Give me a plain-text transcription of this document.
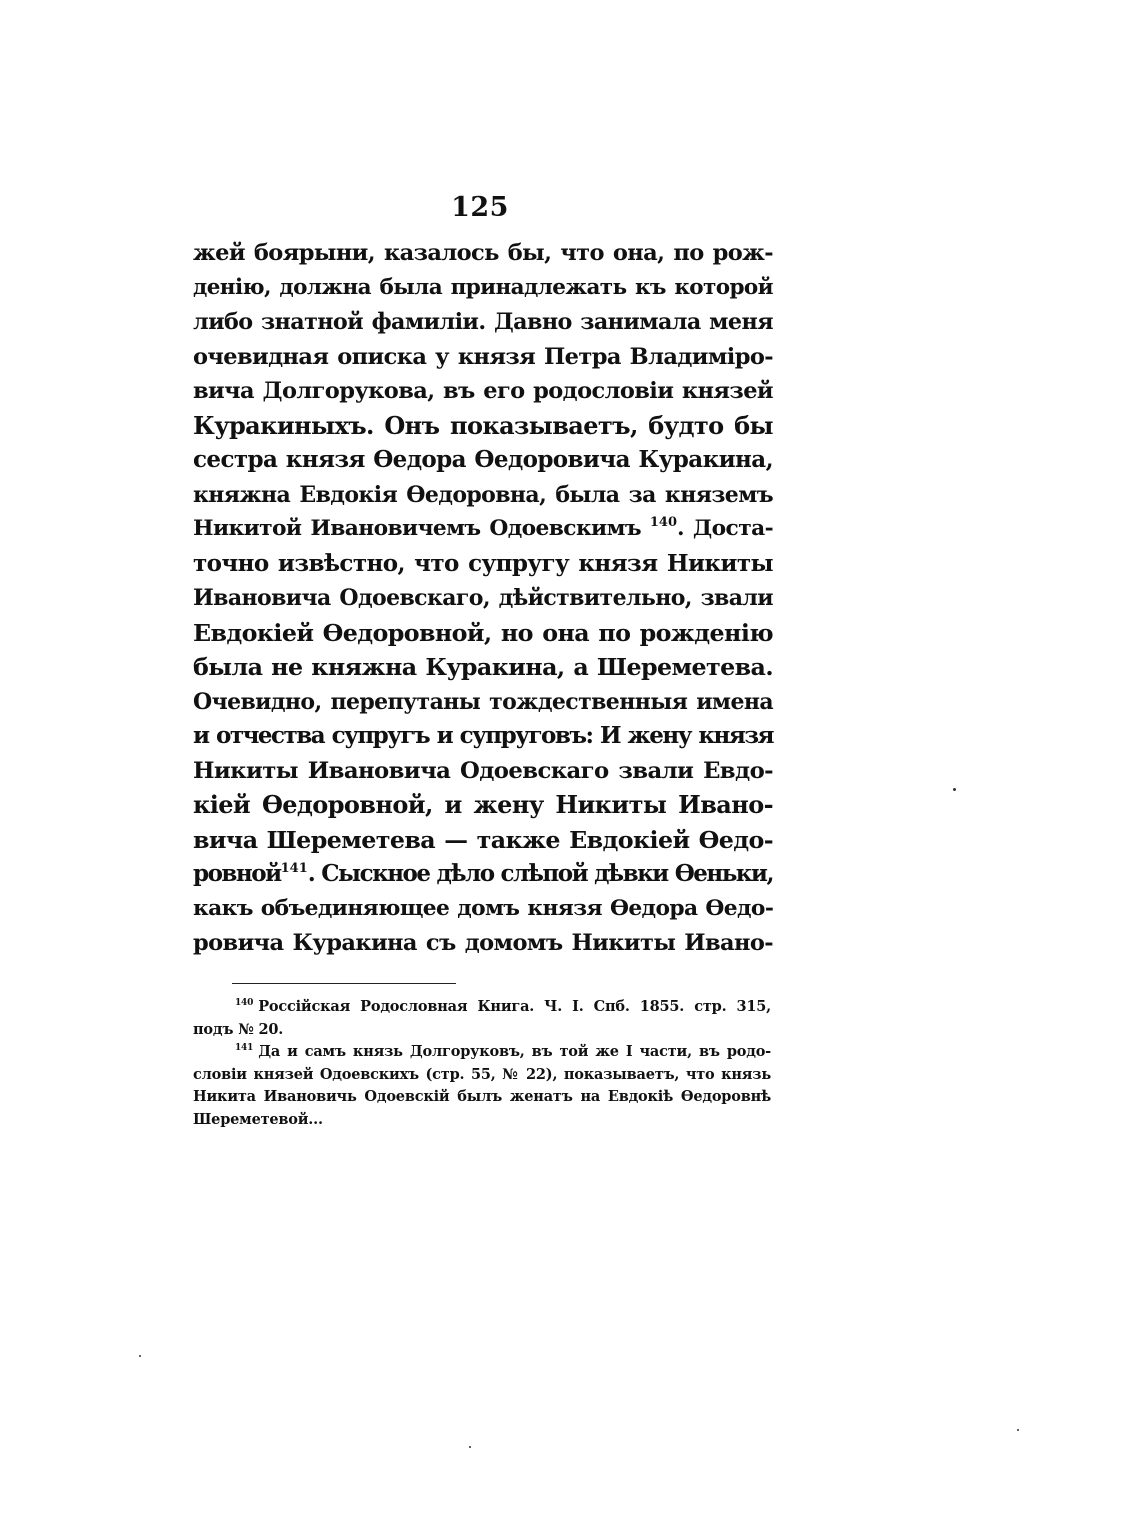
125
жей боярыни, казалось бы, что она, по рож-
денію, должна была принадлежать къ которой
либо знатной фамиліи. Давно занимала меня
очевидная описка у князя Петра Владиміро-
вича Долгорукова, въ его родословіи князей
Куракиныхъ. Онъ показываетъ, будто бы
сестра князя Өедора Өедоровича Куракина,
княжна Евдокія Өедоровна, была за княземъ
Никитой Ивановичемъ Одоевскимъ $^{140}$. Доста-
точно извѣстно, что супругу князя Никиты
Ивановича Одоевскаго, дѣйствительно, звали
Евдокіей Өедоровной, но она по рожденію
была не княжна Куракина, а Шереметева.
Очевидно, перепутаны тождественныя имена
и отчества супругъ и супруговъ: И жену князя
Никиты Ивановича Одоевскаго звали Евдо-
кіей Өедоровной, и жену Никиты Ивано-
вича Шереметева — также Евдокіей Өедо-
ровной$^{141}$. Сыскное дѣло слѣпой дѣвки Өеньки,
какъ объединяющее домъ князя Өедора Өедо-
ровича Куракина съ домомъ Никиты Ивано-
$^{140}$ Россійская Родословная Книга. Ч. I. Спб. 1855. стр. 315,
подъ № 20.
$^{141}$ Да и самъ князь Долгоруковъ, въ той же I части, въ родо-
словіи князей Одоевскихъ (стр. 55, № 22), показываетъ, что князь
Никита Ивановичь Одоевскій былъ женатъ на Евдокіѣ Өедоровнѣ
Шереметевой...
